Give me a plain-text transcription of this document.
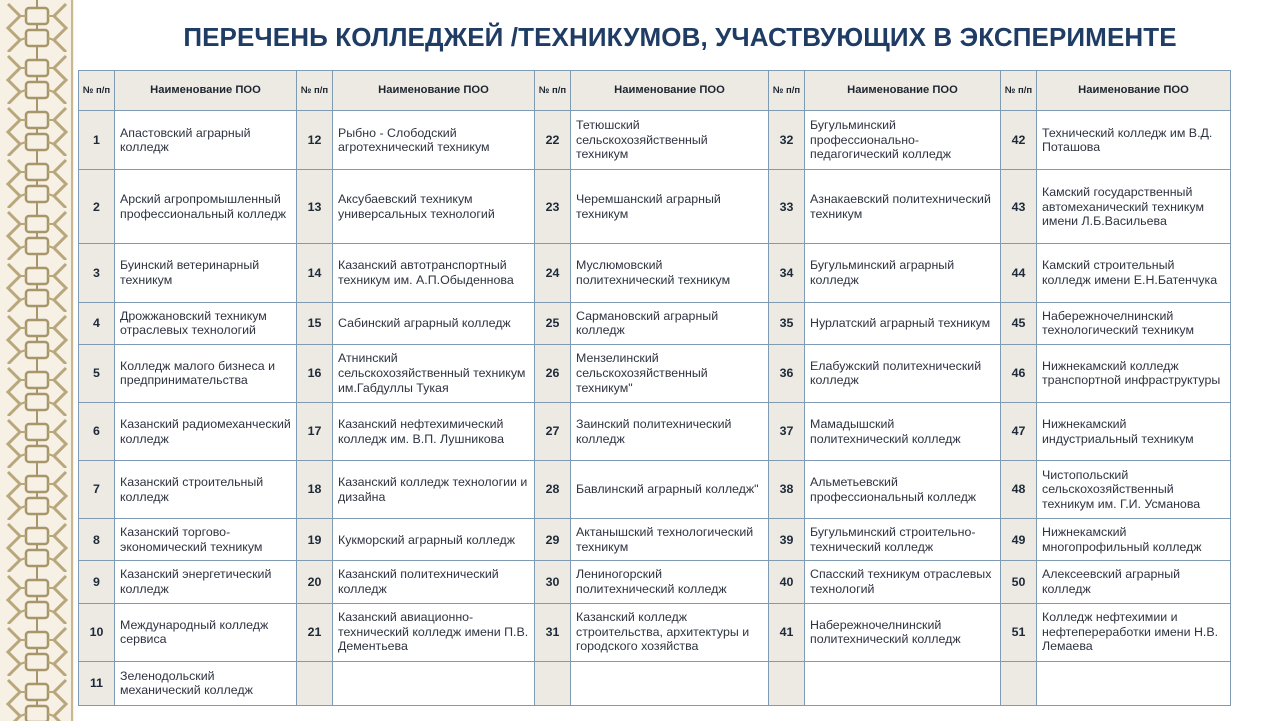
ПЕРЕЧЕНЬ КОЛЛЕДЖЕЙ /ТЕХНИКУМОВ, УЧАСТВУЮЩИХ В ЭКСПЕРИМЕНТЕ
№ п/п	Наименование ПОО	№ п/п	Наименование ПОО	№ п/п	Наименование ПОО	№ п/п	Наименование ПОО	№ п/п	Наименование ПОО
1	Апастовский аграрный колледж	12	Рыбно - Слободский агротехнический техникум	22	Тетюшский сельскохозяйственный техникум	32	Бугульминский профессионально-педагогический колледж	42	Технический колледж им В.Д. Поташова
2	Арский агропромышленный профессиональный колледж	13	Аксубаевский техникум универсальных технологий	23	Черемшанский аграрный техникум	33	Азнакаевский политехнический техникум	43	Камский государственный автомеханический техникум имени Л.Б.Васильева
3	Буинский ветеринарный техникум	14	Казанский автотранспортный техникум им. А.П.Обыденнова	24	Муслюмовский политехнический техникум	34	Бугульминский аграрный колледж	44	Камский строительный колледж имени Е.Н.Батенчука
4	Дрожжановский техникум отраслевых технологий	15	Сабинский аграрный колледж	25	Сармановский аграрный колледж	35	Нурлатский аграрный техникум	45	Набережночелнинский технологический техникум
5	Колледж малого бизнеса и предпринимательства	16	Атнинский сельскохозяйственный техникум им.Габдуллы Тукая	26	Мензелинский сельскохозяйственный техникум"	36	Елабужский политехнический колледж	46	Нижнекамский колледж транспортной инфраструктуры
6	Казанский радиомеханческий колледж	17	Казанский нефтехимический колледж им. В.П. Лушникова	27	Заинский политехнический колледж	37	Мамадышский политехнический колледж	47	Нижнекамский индустриальный техникум
7	Казанский строительный колледж	18	Казанский колледж технологии и дизайна	28	Бавлинский аграрный колледж"	38	Альметьевский профессиональный колледж	48	Чистопольский сельскохозяйственный техникум им. Г.И. Усманова
8	Казанский торгово-экономический техникум	19	Кукморский аграрный колледж	29	Актанышский технологический техникум	39	Бугульминский строительно-технический колледж	49	Нижнекамский многопрофильный колледж
9	Казанский энергетический колледж	20	Казанский политехнический колледж	30	Лениногорский политехнический колледж	40	Спасский техникум отраслевых технологий	50	Алексеевский аграрный колледж
10	Международный колледж сервиса	21	Казанский авиационно-технический колледж имени П.В. Дементьева	31	Казанский колледж строительства, архитектуры и городского хозяйства	41	Набережночелнинский политехнический колледж	51	Колледж нефтехимии и нефтепереработки имени Н.В. Лемаева
11	Зеленодольский механический колледж								
